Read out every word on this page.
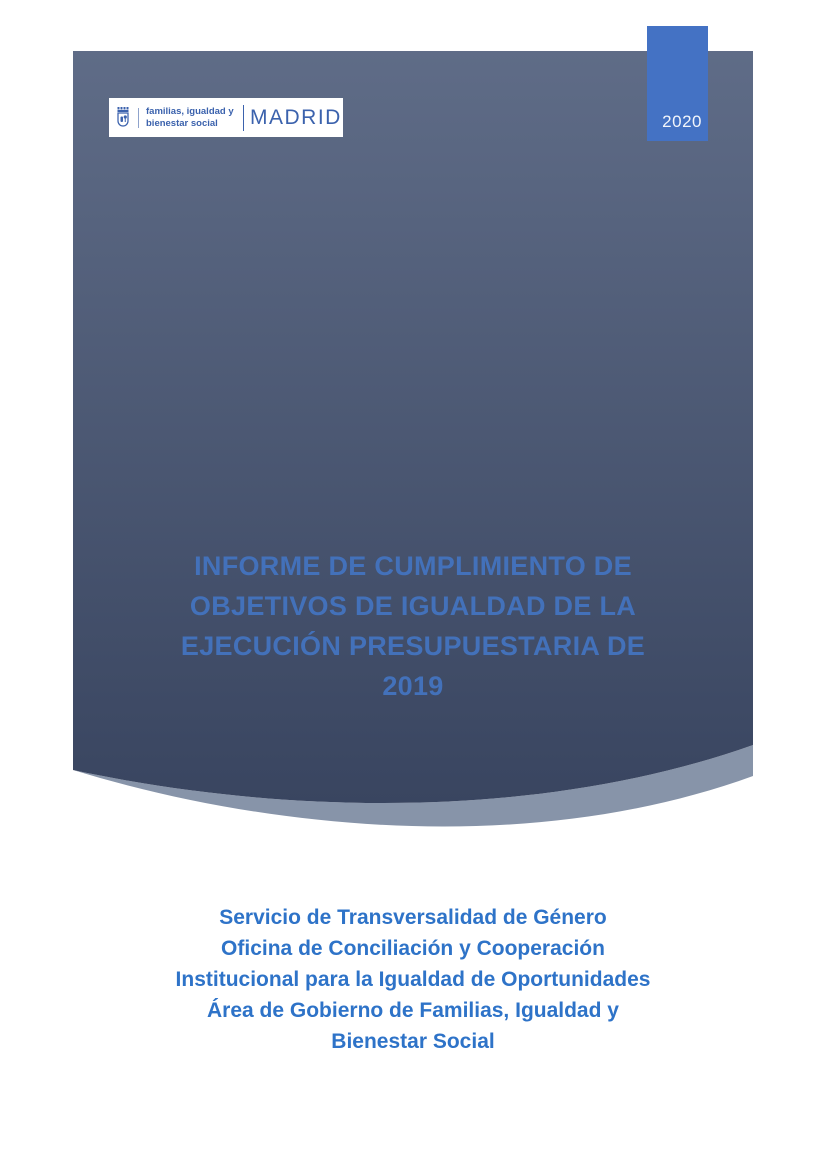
2020
familias, igualdad y
bienestar social	MADRID
INFORME DE CUMPLIMIENTO DE
OBJETIVOS DE IGUALDAD DE LA
EJECUCIÓN PRESUPUESTARIA DE
2019
Servicio de Transversalidad de Género
Oficina de Conciliación y Cooperación
Institucional para la Igualdad de Oportunidades
Área de Gobierno de Familias, Igualdad y
Bienestar Social
